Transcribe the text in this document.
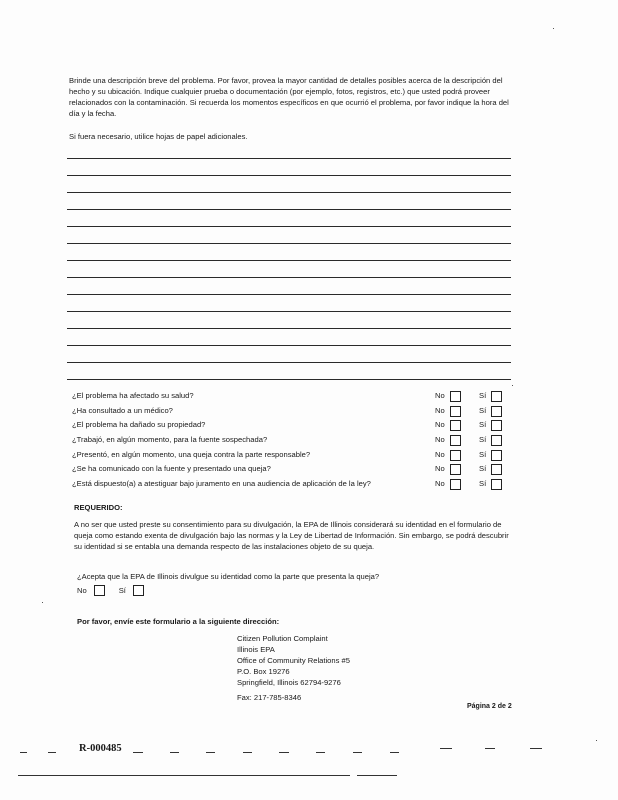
Brinde una descripción breve del problema. Por favor, provea la mayor cantidad de detalles posibles acerca de la descripción del hecho y su ubicación. Indique cualquier prueba o documentación (por ejemplo, fotos, registros, etc.) que usted podrá proveer relacionados con la contaminación. Si recuerda los momentos específicos en que ocurrió el problema, por favor indique la hora del día y la fecha.

Si fuera necesario, utilice hojas de papel adicionales.

¿El problema ha afectado su salud?	No	Sí
¿Ha consultado a un médico?	No	Sí
¿El problema ha dañado su propiedad?	No	Sí
¿Trabajó, en algún momento, para la fuente sospechada?	No	Sí
¿Presentó, en algún momento, una queja contra la parte responsable?	No	Sí
¿Se ha comunicado con la fuente y presentado una queja?	No	Sí
¿Está dispuesto(a) a atestiguar bajo juramento en una audiencia de aplicación de la ley?	No	Sí
REQUERIDO:

A no ser que usted preste su consentimiento para su divulgación, la EPA de Illinois considerará su identidad en el formulario de queja como estando exenta de divulgación bajo las normas y la Ley de Libertad de Información. Sin embargo, se podrá descubrir su identidad si se entabla una demanda respecto de las instalaciones objeto de su queja.

¿Acepta que la EPA de Illinois divulgue su identidad como la parte que presenta la queja?

No	Sí
Por favor, envíe este formulario a la siguiente dirección:
Citizen Pollution Complaint
Illinois EPA
Office of Community Relations #5
P.O. Box 19276
Springfield, Illinois 62794-9276
Fax: 217-785-8346
Página 2 de 2
R-000485
